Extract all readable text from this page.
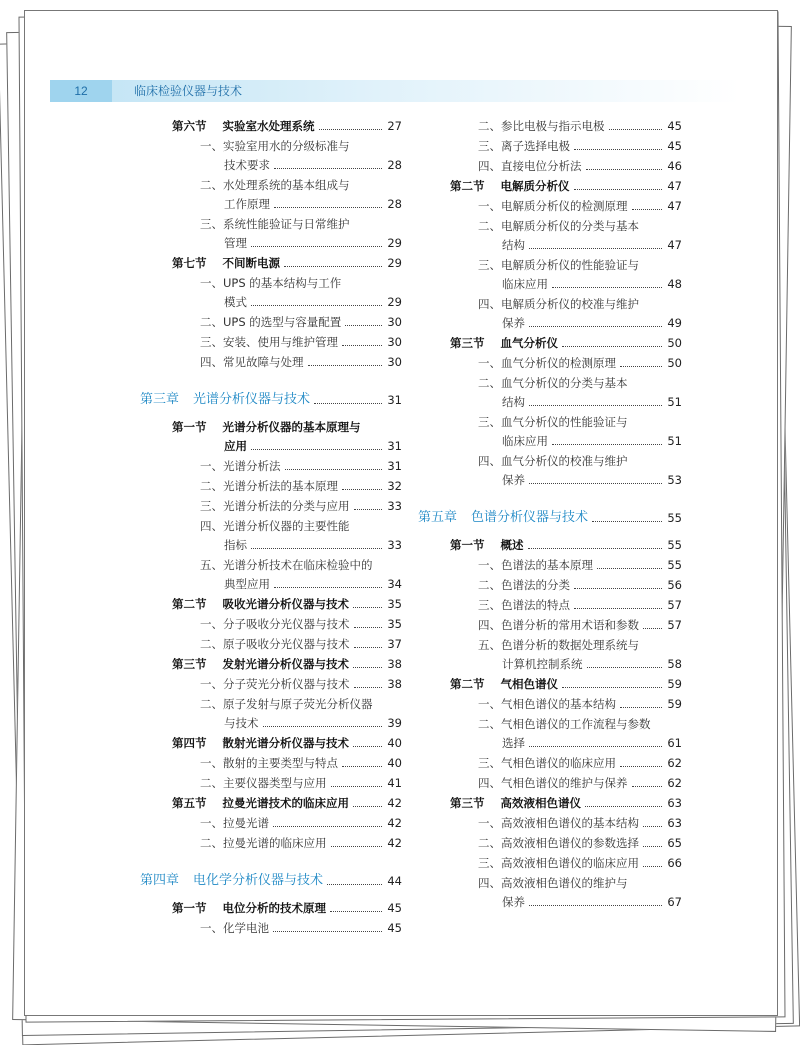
12	临床检验仪器与技术
第六节 实验室水处理系统	27
一、实验室用水的分级标准与
技术要求	28
二、水处理系统的基本组成与
工作原理	28
三、系统性能验证与日常维护
管理	29
第七节 不间断电源	29
一、UPS 的基本结构与工作
模式	29
二、UPS 的选型与容量配置	30
三、安装、使用与维护管理	30
四、常见故障与处理	30
第三章 光谱分析仪器与技术	31
第一节 光谱分析仪器的基本原理与
应用	31
一、光谱分析法	31
二、光谱分析法的基本原理	32
三、光谱分析法的分类与应用	33
四、光谱分析仪器的主要性能
指标	33
五、光谱分析技术在临床检验中的
典型应用	34
第二节 吸收光谱分析仪器与技术	35
一、分子吸收分光仪器与技术	35
二、原子吸收分光仪器与技术	37
第三节 发射光谱分析仪器与技术	38
一、分子荧光分析仪器与技术	38
二、原子发射与原子荧光分析仪器
与技术	39
第四节 散射光谱分析仪器与技术	40
一、散射的主要类型与特点	40
二、主要仪器类型与应用	41
第五节 拉曼光谱技术的临床应用	42
一、拉曼光谱	42
二、拉曼光谱的临床应用	42
第四章 电化学分析仪器与技术	44
第一节 电位分析的技术原理	45
一、化学电池	45
二、参比电极与指示电极	45
三、离子选择电极	45
四、直接电位分析法	46
第二节 电解质分析仪	47
一、电解质分析仪的检测原理	47
二、电解质分析仪的分类与基本
结构	47
三、电解质分析仪的性能验证与
临床应用	48
四、电解质分析仪的校准与维护
保养	49
第三节 血气分析仪	50
一、血气分析仪的检测原理	50
二、血气分析仪的分类与基本
结构	51
三、血气分析仪的性能验证与
临床应用	51
四、血气分析仪的校准与维护
保养	53
第五章 色谱分析仪器与技术	55
第一节 概述	55
一、色谱法的基本原理	55
二、色谱法的分类	56
三、色谱法的特点	57
四、色谱分析的常用术语和参数 57
五、色谱分析的数据处理系统与
计算机控制系统	58
第二节 气相色谱仪	59
一、气相色谱仪的基本结构	59
二、气相色谱仪的工作流程与参数
选择	61
三、气相色谱仪的临床应用	62
四、气相色谱仪的维护与保养	62
第三节 高效液相色谱仪	63
一、高效液相色谱仪的基本结构 63
二、高效液相色谱仪的参数选择 65
三、高效液相色谱仪的临床应用 66
四、高效液相色谱仪的维护与
保养	67
